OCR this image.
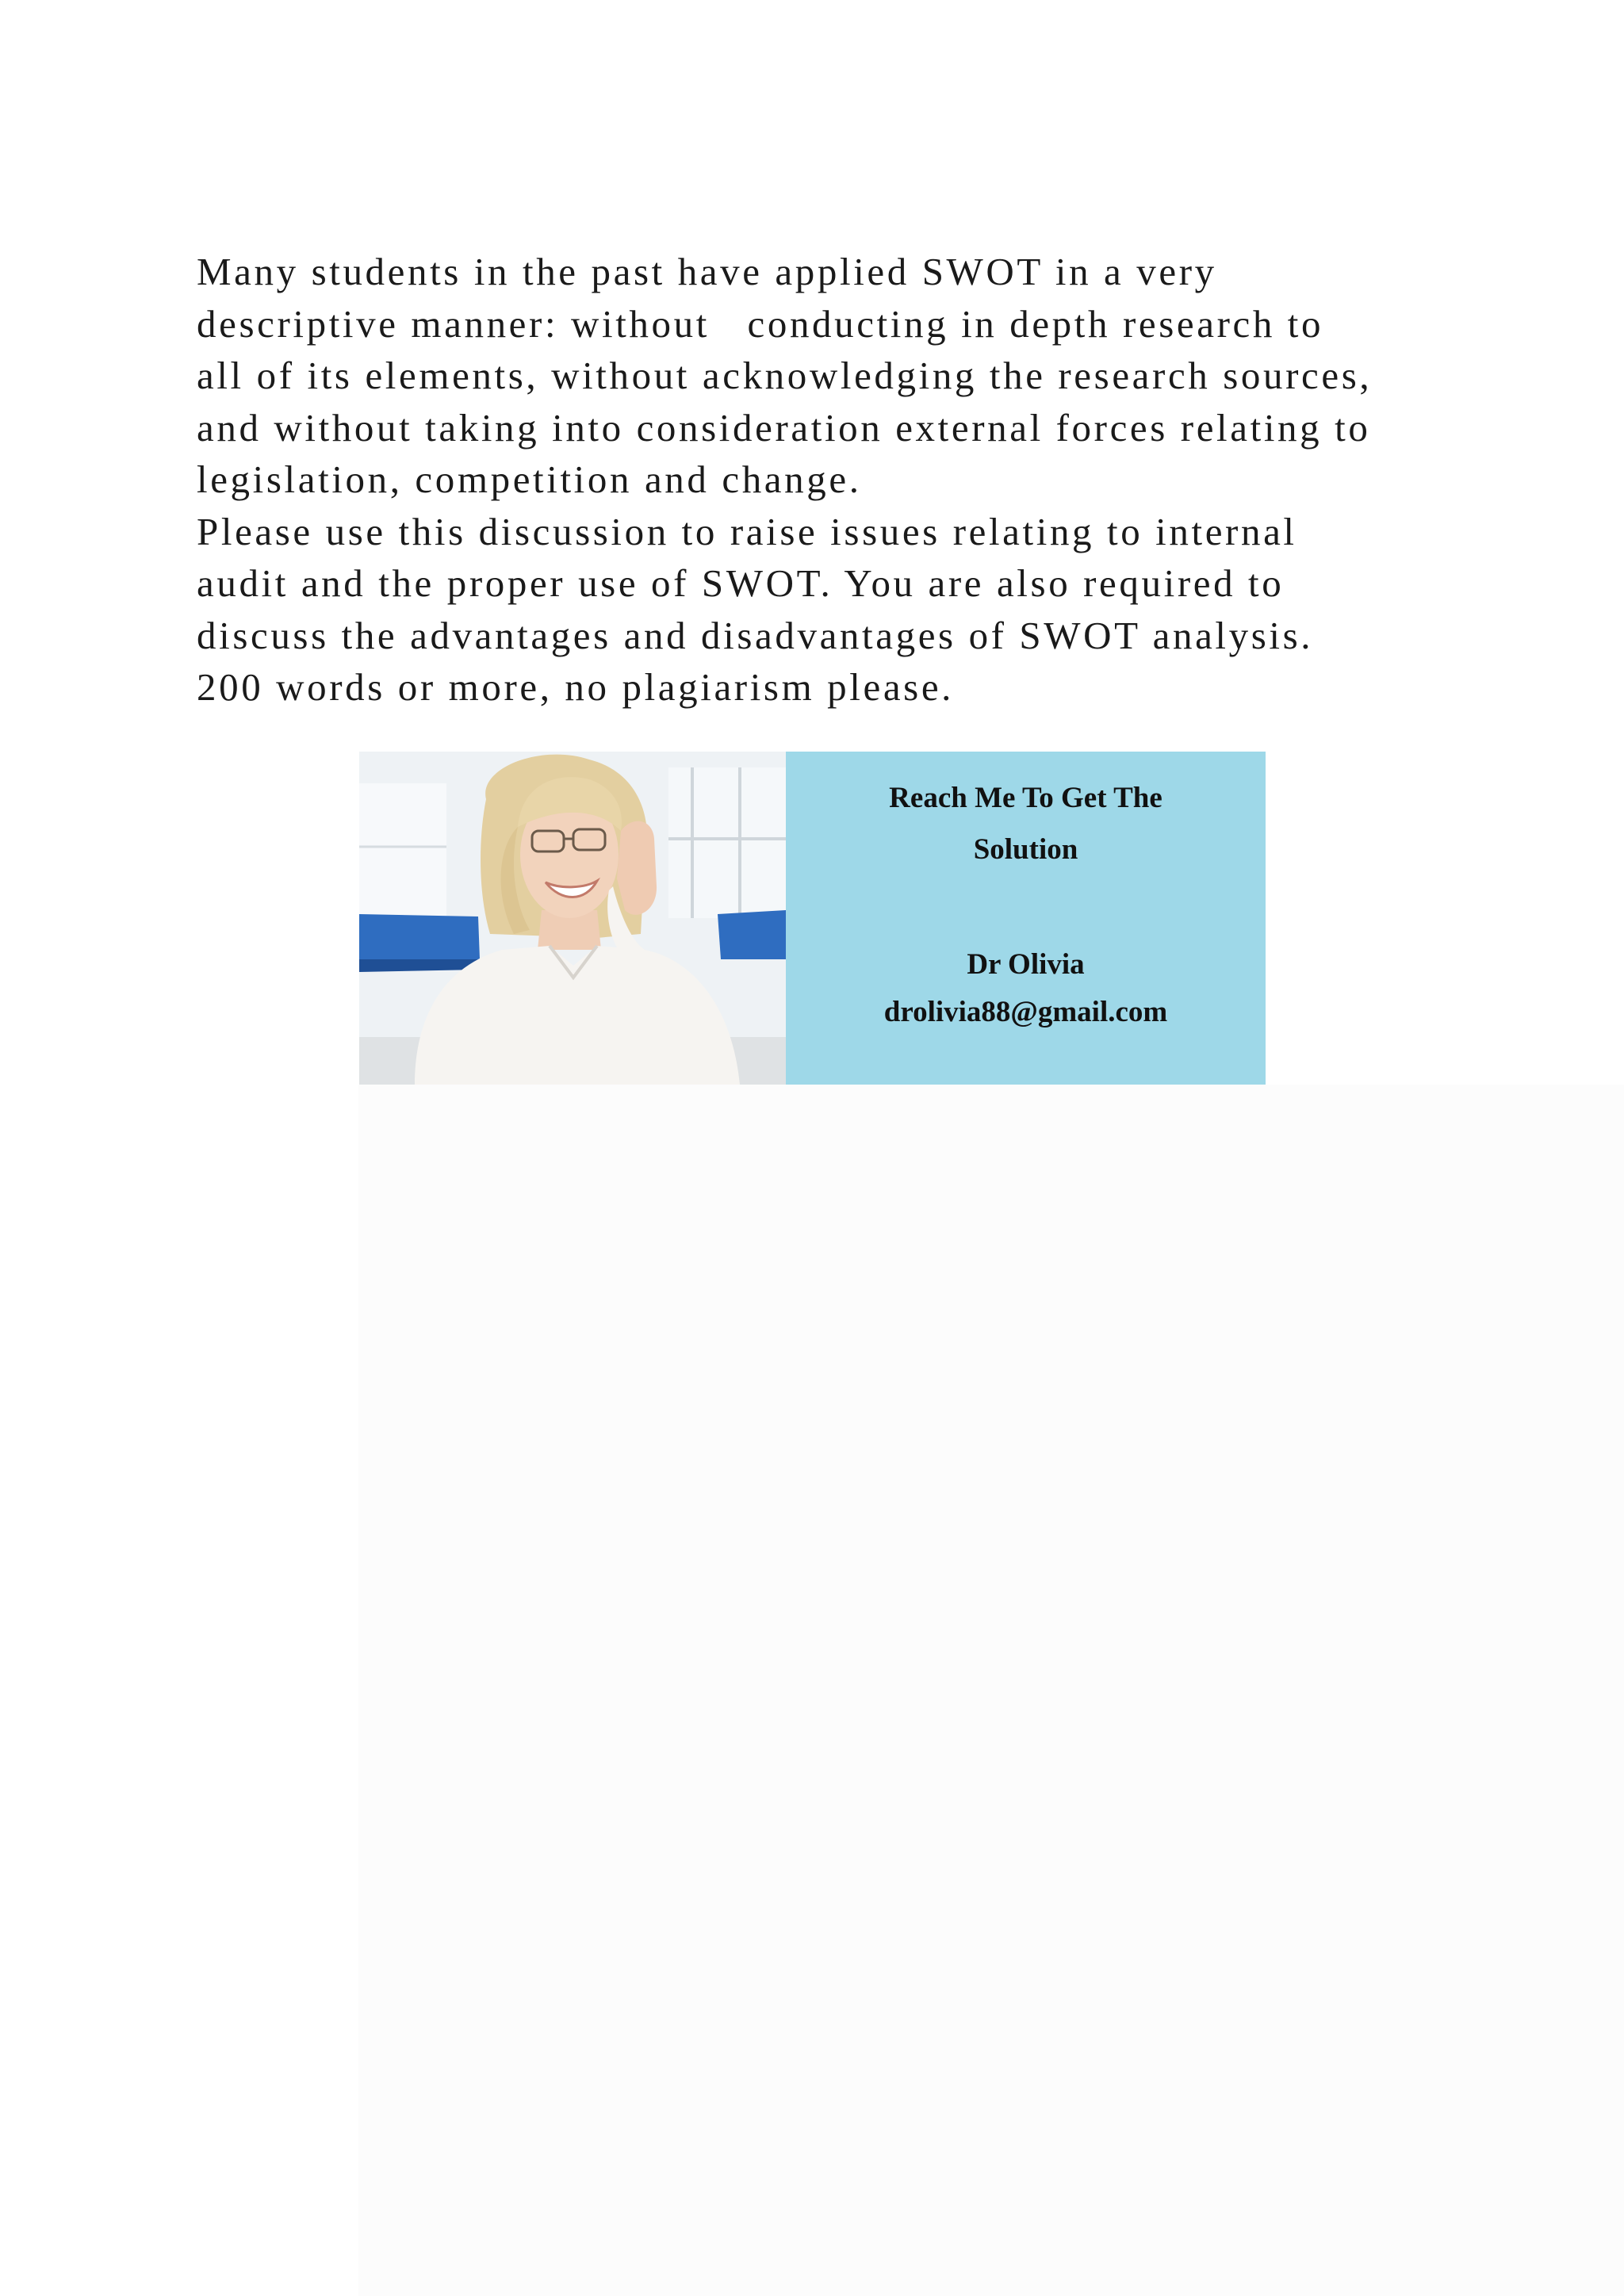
Many students in the past have applied SWOT in a very
descriptive manner: without   conducting in depth research to
all of its elements, without acknowledging the research sources,
and without taking into consideration external forces relating to
legislation, competition and change.
Please use this discussion to raise issues relating to internal
audit and the proper use of SWOT. You are also required to
discuss the advantages and disadvantages of SWOT analysis.
200 words or more, no plagiarism please.

Reach Me To Get The

Solution

Dr Olivia

drolivia88@gmail.com
